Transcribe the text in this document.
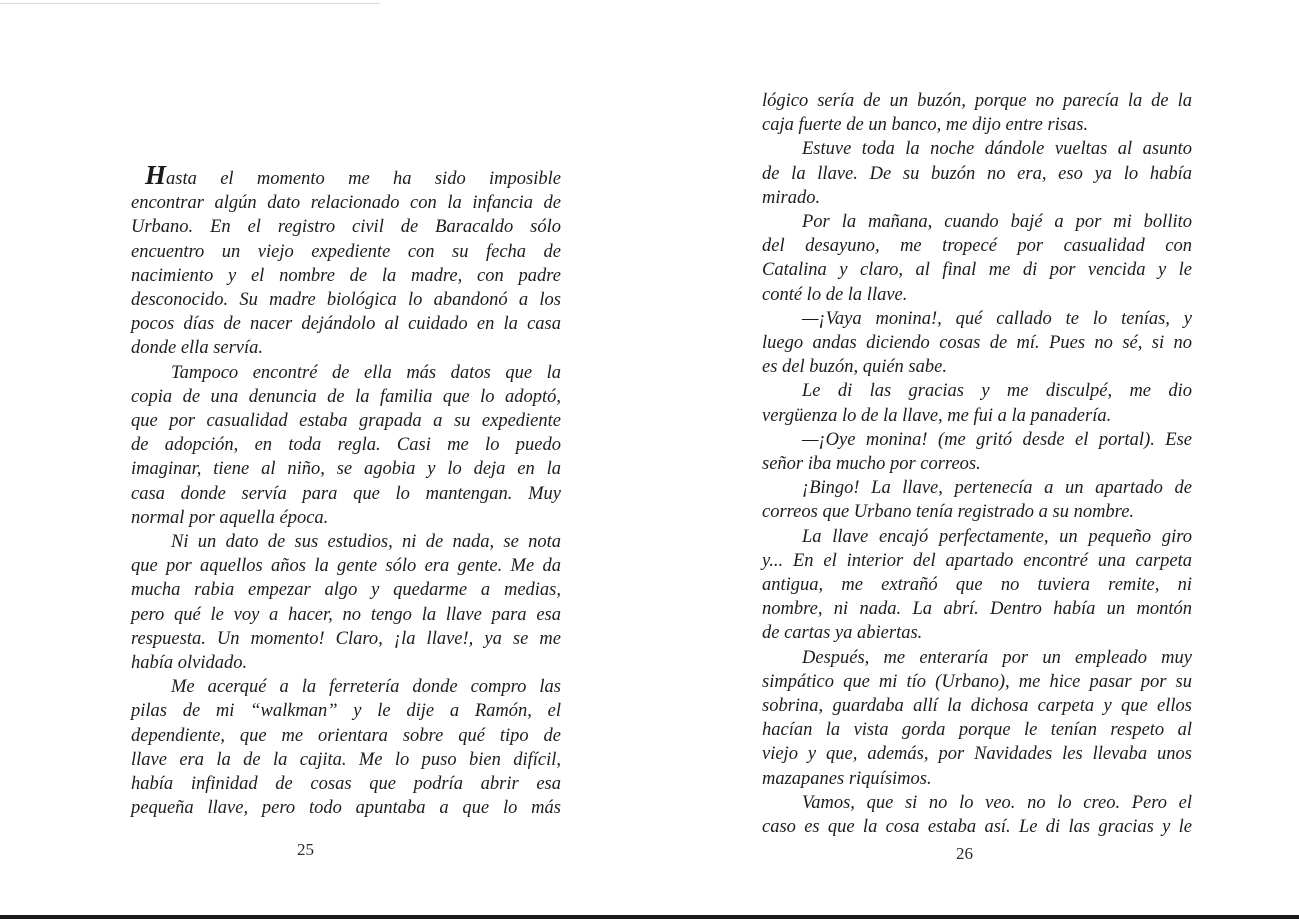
Hasta el momento me ha sido imposible
encontrar algún dato relacionado con la infancia de
Urbano. En el registro civil de Baracaldo sólo
encuentro un viejo expediente con su fecha de
nacimiento y el nombre de la madre, con padre
desconocido. Su madre biológica lo abandonó a los
pocos días de nacer dejándolo al cuidado en la casa
donde ella servía.
Tampoco encontré de ella más datos que la
copia de una denuncia de la familia que lo adoptó,
que por casualidad estaba grapada a su expediente
de adopción, en toda regla. Casi me lo puedo
imaginar, tiene al niño, se agobia y lo deja en la
casa donde servía para que lo mantengan. Muy
normal por aquella época.
Ni un dato de sus estudios, ni de nada, se nota
que por aquellos años la gente sólo era gente. Me da
mucha rabia empezar algo y quedarme a medias,
pero qué le voy a hacer, no tengo la llave para esa
respuesta. Un momento! Claro, ¡la llave!, ya se me
había olvidado.
Me acerqué a la ferretería donde compro las
pilas de mi “walkman” y le dije a Ramón, el
dependiente, que me orientara sobre qué tipo de
llave era la de la cajita. Me lo puso bien difícil,
había infinidad de cosas que podría abrir esa
pequeña llave, pero todo apuntaba a que lo más
25
lógico sería de un buzón, porque no parecía la de la
caja fuerte de un banco, me dijo entre risas.
Estuve toda la noche dándole vueltas al asunto
de la llave. De su buzón no era, eso ya lo había
mirado.
Por la mañana, cuando bajé a por mi bollito
del desayuno, me tropecé por casualidad con
Catalina y claro, al final me di por vencida y le
conté lo de la llave.
—¡Vaya monina!, qué callado te lo tenías, y
luego andas diciendo cosas de mí. Pues no sé, si no
es del buzón, quién sabe.
Le di las gracias y me disculpé, me dio
vergüenza lo de la llave, me fui a la panadería.
—¡Oye monina! (me gritó desde el portal). Ese
señor iba mucho por correos.
¡Bingo! La llave, pertenecía a un apartado de
correos que Urbano tenía registrado a su nombre.
La llave encajó perfectamente, un pequeño giro
y... En el interior del apartado encontré una carpeta
antigua, me extrañó que no tuviera remite, ni
nombre, ni nada. La abrí. Dentro había un montón
de cartas ya abiertas.
Después, me enteraría por un empleado muy
simpático que mi tío (Urbano), me hice pasar por su
sobrina, guardaba allí la dichosa carpeta y que ellos
hacían la vista gorda porque le tenían respeto al
viejo y que, además, por Navidades les llevaba unos
mazapanes riquísimos.
Vamos, que si no lo veo. no lo creo. Pero el
caso es que la cosa estaba así. Le di las gracias y le
26
